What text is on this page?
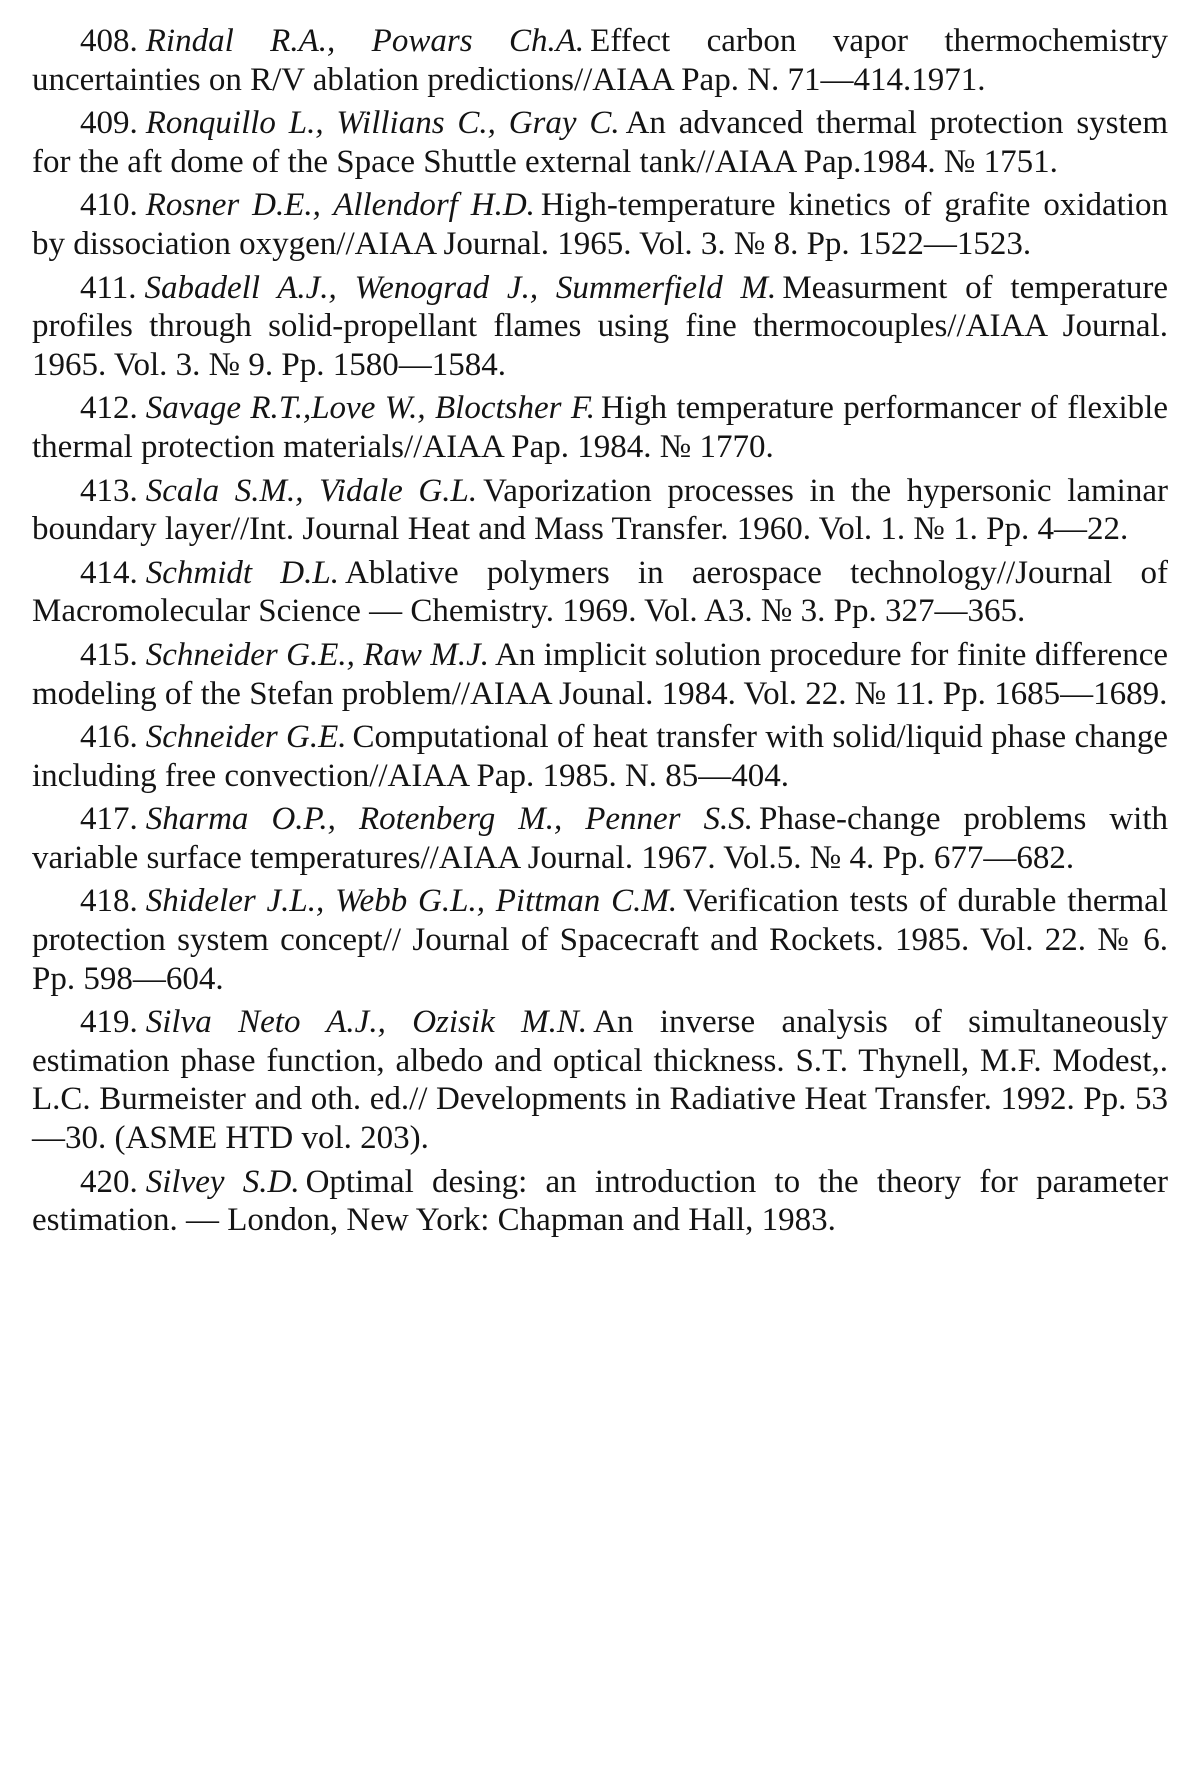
408. Rindal R.A., Powars Ch.A. Effect carbon vapor thermochemistry uncertainties on R/V ablation predictions//AIAA Pap. N. 71—414.1971.

409. Ronquillo L., Willians C., Gray C. An advanced thermal protection system for the aft dome of the Space Shuttle external tank//AIAA Pap.1984. № 1751.

410. Rosner D.E., Allendorf H.D. High-temperature kinetics of grafite oxidation by dissociation oxygen//AIAA Journal. 1965. Vol. 3. № 8. Pp. 1522—1523.

411. Sabadell A.J., Wenograd J., Summerfield M. Measurment of temperature profiles through solid-propellant flames using fine thermocouples//AIAA Journal. 1965. Vol. 3. № 9. Pp. 1580—1584.

412. Savage R.T.,Love W., Bloctsher F. High temperature performancer of flexible thermal protection materials//AIAA Pap. 1984. № 1770.

413. Scala S.M., Vidale G.L. Vaporization processes in the hypersonic laminar boundary layer//Int. Journal Heat and Mass Transfer. 1960. Vol. 1. № 1. Pp. 4—22.

414. Schmidt D.L. Ablative polymers in aerospace technology//Journal of Macromolecular Science — Chemistry. 1969. Vol. A3. № 3. Pp. 327—365.

415. Schneider G.E., Raw M.J. An implicit solution procedure for finite difference modeling of the Stefan problem//AIAA Jounal. 1984. Vol. 22. № 11. Pp. 1685—1689.

416. Schneider G.E. Computational of heat transfer with solid/liquid phase change including free convection//AIAA Pap. 1985. N. 85—404.

417. Sharma O.P., Rotenberg M., Penner S.S. Phase-change problems with variable surface temperatures//AIAA Journal. 1967. Vol.5. № 4. Pp. 677—682.

418. Shideler J.L., Webb G.L., Pittman C.M. Verification tests of durable thermal protection system concept// Journal of Spacecraft and Rockets. 1985. Vol. 22. № 6. Pp. 598—604.

419. Silva Neto A.J., Ozisik M.N. An inverse analysis of simultaneously estimation phase function, albedo and optical thickness. S.T. Thynell, M.F. Modest,. L.C. Burmeister and oth. ed.// Developments in Radiative Heat Transfer. 1992. Pp. 53—30. (ASME HTD vol. 203).

420. Silvey S.D. Optimal desing: an introduction to the theory for parameter estimation. — London, New York: Chapman and Hall, 1983.
